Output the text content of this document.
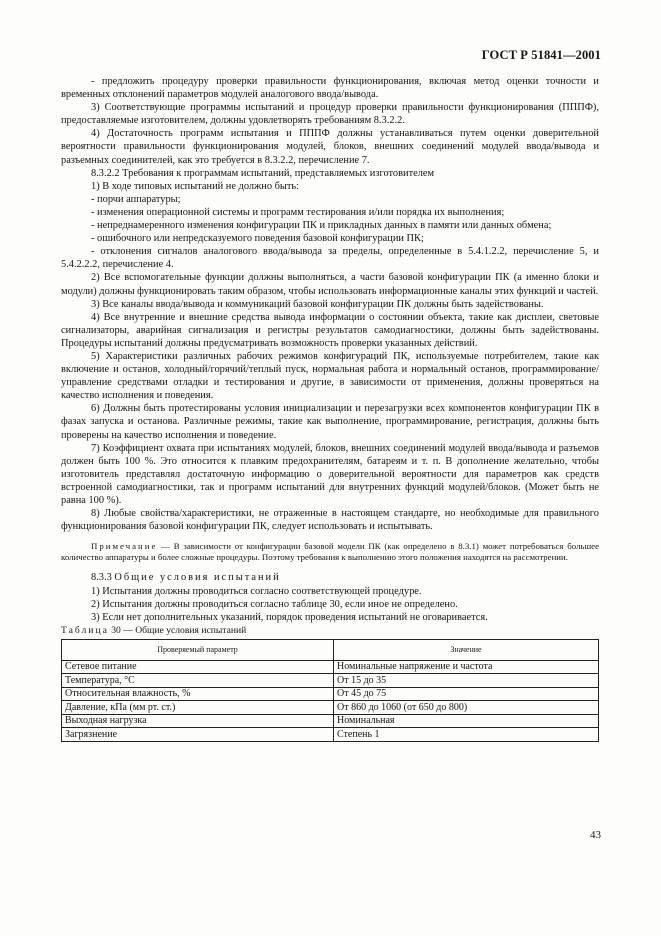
ГОСТ Р 51841—2001

- предложить процедуру проверки правильности функционирования, включая метод оценки точности и временных отклонений параметров модулей аналогового ввода/вывода.

3) Соответствующие программы испытаний и процедур проверки правильности функционирования (ПППФ), предоставляемые изготовителем, должны удовлетворять требованиям 8.3.2.2.

4) Достаточность программ испытания и ПППФ должны устанавливаться путем оценки доверительной вероятности правильности функционирования модулей, блоков, внешних соединений модулей ввода/вывода и разъемных соединителей, как это требуется в 8.3.2.2, перечисление 7.

8.3.2.2 Требования к программам испытаний, представляемых изготовителем

1) В ходе типовых испытаний не должно быть:

- порчи аппаратуры;

- изменения операционной системы и программ тестирования и/или порядка их выполнения;

- непреднамеренного изменения конфигурации ПК и прикладных данных в памяти или данных обмена;

- ошибочного или непредсказуемого поведения базовой конфигурации ПК;

- отклонения сигналов аналогового ввода/вывода за пределы, определенные в 5.4.1.2.2, перечисление 5, и 5.4.2.2.2, перечисление 4.

2) Все вспомогательные функции должны выполняться, а части базовой конфигурации ПК (а именно блоки и модули) должны функционировать таким образом, чтобы использовать информационные каналы этих функций и частей.

3) Все каналы ввода/вывода и коммуникаций базовой конфигурации ПК должны быть задействованы.

4) Все внутренние и внешние средства вывода информации о состоянии объекта, такие как дисплеи, световые сигнализаторы, аварийная сигнализация и регистры результатов самодиагностики, должны быть задействованы. Процедуры испытаний должны предусматривать возможность проверки указанных действий.

5) Характеристики различных рабочих режимов конфигураций ПК, используемые потребителем, такие как включение и останов, холодный/горячий/теплый пуск, нормальная работа и нормальный останов, программирование/управление средствами отладки и тестирования и другие, в зависимости от применения, должны проверяться на качество исполнения и поведения.

6) Должны быть протестированы условия инициализации и перезагрузки всех компонентов конфигурации ПК в фазах запуска и останова. Различные режимы, такие как выполнение, программирование, регистрация, должны быть проверены на качество исполнения и поведение.

7) Коэффициент охвата при испытаниях модулей, блоков, внешних соединений модулей ввода/вывода и разъемов должен быть 100 %. Это относится к плавким предохранителям, батареям и т. п. В дополнение желательно, чтобы изготовитель представлял достаточную информацию о доверительной вероятности для параметров как средств встроенной самодиагностики, так и программ испытаний для внутренних функций модулей/блоков. (Может быть не равна 100 %).

8) Любые свойства/характеристики, не отраженные в настоящем стандарте, но необходимые для правильного функционирования базовой конфигурации ПК, следует использовать и испытывать.

Примечание — В зависимости от конфигурации базовой модели ПК (как определено в 8.3.1) может потребоваться большее количество аппаратуры и более сложные процедуры. Поэтому требования к выполнению этого положения находятся на рассмотрении.

8.3.3 Общие условия испытаний

1) Испытания должны проводиться согласно соответствующей процедуре.

2) Испытания должны проводиться согласно таблице 30, если иное не определено.

3) Если нет дополнительных указаний, порядок проведения испытаний не оговаривается.

Таблица 30 — Общие условия испытаний

Проверяемый параметр	Значение
Сетевое питание	Номинальные напряжение и частота
Температура, °С	От 15 до 35
Относительная влажность, %	От 45 до 75
Давление, кПа (мм рт. ст.)	От 860 до 1060 (от 650 до 800)
Выходная нагрузка	Номинальная
Загрязнение	Степень 1
43
